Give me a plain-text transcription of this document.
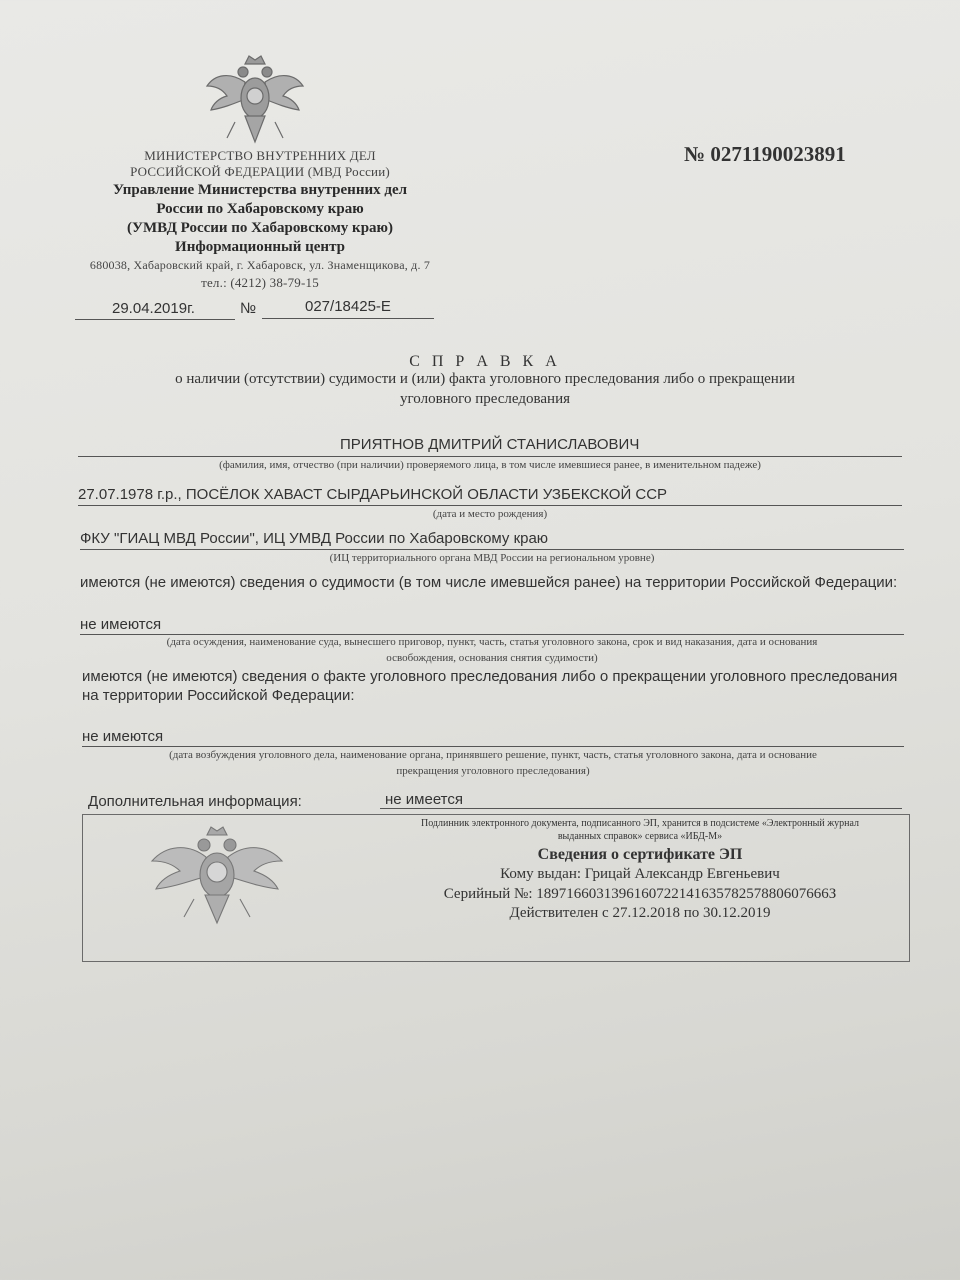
МИНИСТЕРСТВО ВНУТРЕННИХ ДЕЛ
РОССИЙСКОЙ ФЕДЕРАЦИИ (МВД России)
Управление Министерства внутренних дел
России по Хабаровскому краю
(УМВД России по Хабаровскому краю)
Информационный центр
680038, Хабаровский край, г. Хабаровск, ул. Знаменщикова, д. 7
тел.: (4212) 38-79-15
29.04.2019г.	№	027/18425-Е
№ 0271190023891
С П Р А В К А
о наличии (отсутствии) судимости и (или) факта уголовного преследования либо о прекращении
уголовного преследования
ПРИЯТНОВ ДМИТРИЙ СТАНИСЛАВОВИЧ
(фамилия, имя, отчество (при наличии) проверяемого лица, в том числе имевшиеся ранее, в именительном падеже)
27.07.1978 г.р., ПОСЁЛОК ХАВАСТ СЫРДАРЬИНСКОЙ ОБЛАСТИ УЗБЕКСКОЙ ССР
(дата и место рождения)
ФКУ "ГИАЦ МВД России", ИЦ УМВД России по Хабаровскому краю
(ИЦ территориального органа МВД России на региональном уровне)
имеются (не имеются) сведения о судимости (в том числе имевшейся ранее) на территории Российской Федерации:
не имеются
(дата осуждения, наименование суда, вынесшего приговор, пункт, часть, статья уголовного закона, срок и вид наказания, дата и основания
освобождения, основания снятия судимости)
имеются (не имеются) сведения о факте уголовного преследования либо о прекращении уголовного преследования
на территории Российской Федерации:
не имеются
(дата возбуждения уголовного дела, наименование органа, принявшего решение, пункт, часть, статья уголовного закона, дата и основание
прекращения уголовного преследования)
Дополнительная информация:	не имеется
Подлинник электронного документа, подписанного ЭП, хранится в подсистеме «Электронный журнал
выданных справок» сервиса «ИБД-М»
Сведения о сертификате ЭП
Кому выдан: Грицай Александр Евгеньевич
Серийный №: 189716603139616072214163578257880607666З
Действителен с 27.12.2018 по 30.12.2019
